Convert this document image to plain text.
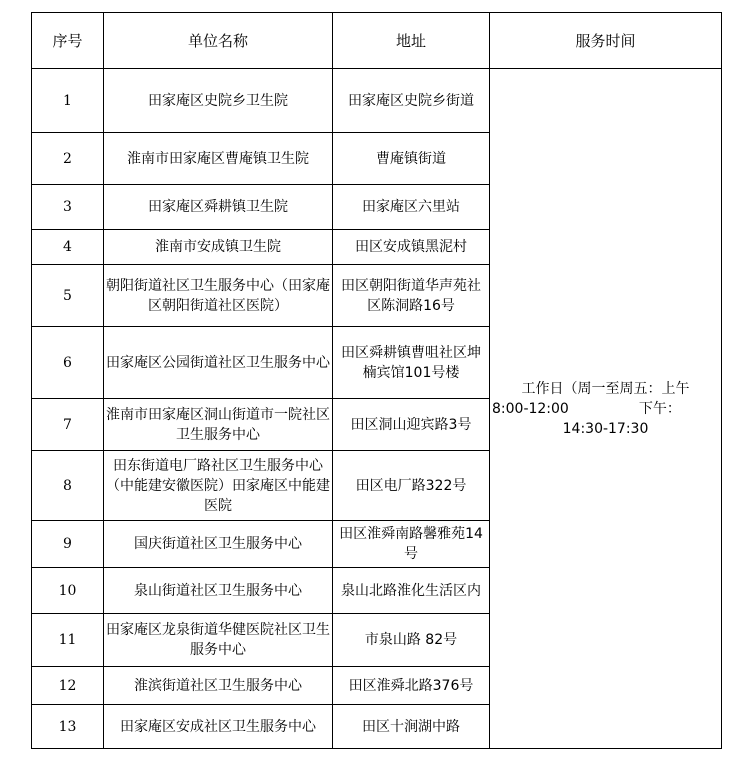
序号	单位名称	地址	服务时间
1	田家庵区史院乡卫生院	田家庵区史院乡街道	工作日（周一至周五：上午
8:00-12:00 下午：
14:30-17:30

2	淮南市田家庵区曹庵镇卫生院	曹庵镇街道	
3	田家庵区舜耕镇卫生院	田家庵区六里站	
4	淮南市安成镇卫生院	田区安成镇黑泥村	
5	朝阳街道社区卫生服务中心（田家庵区朝阳街道社区医院）	田区朝阳街道华声苑社区陈洞路16号	
6	田家庵区公园街道社区卫生服务中心	田区舜耕镇曹咀社区坤楠宾馆101号楼	
7	淮南市田家庵区洞山街道市一院社区卫生服务中心	田区洞山迎宾路3号	
8	田东街道电厂路社区卫生服务中心（中能建安徽医院）田家庵区中能建医院	田区电厂路322号	
9	国庆街道社区卫生服务中心	田区淮舜南路馨雅苑14号	
10	泉山街道社区卫生服务中心	泉山北路淮化生活区内	
11	田家庵区龙泉街道华健医院社区卫生服务中心	市泉山路 82号	
12	淮滨街道社区卫生服务中心	田区淮舜北路376号	
13	田家庵区安成社区卫生服务中心	田区十涧湖中路	
